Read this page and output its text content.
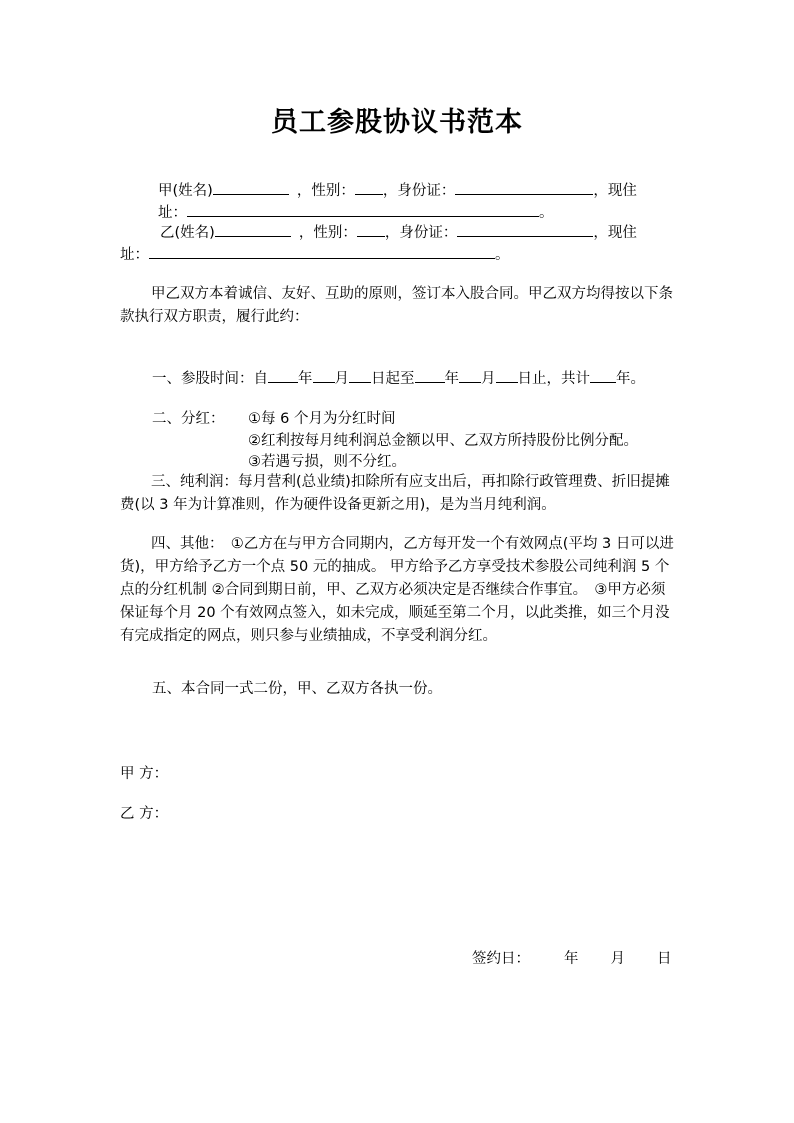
员工参股协议书范本
甲(姓名)	，性别： ，身份证：	，现住
址：	。
乙(姓名)	，性别： ，身份证：	，现住
址：	。
甲乙双方本着诚信、友好、互助的原则，签订本入股合同。甲乙双方均得按以下条款执行双方职责，履行此约：
一、参股时间：自 年 月 日起至 年 月 日止，共计 年。
二、分红： ①每 6 个月为分红时间
②红利按每月纯利润总金额以甲、乙双方所持股份比例分配。
③若遇亏损，则不分红。
三、纯利润：每月营利(总业绩)扣除所有应支出后，再扣除行政管理费、折旧提摊费(以 3 年为计算准则，作为硬件设备更新之用)，是为当月纯利润。
四、其他：　①乙方在与甲方合同期内，乙方每开发一个有效网点(平均 3 日可以进货)，甲方给予乙方一个点 50 元的抽成。 甲方给予乙方享受技术参股公司纯利润 5 个点的分红机制 ②合同到期日前，甲、乙双方必须决定是否继续合作事宜。　③甲方必须保证每个月 20 个有效网点签入，如未完成，顺延至第二个月，以此类推，如三个月没有完成指定的网点，则只参与业绩抽成，不享受利润分红。
五、本合同一式二份，甲、乙双方各执一份。
甲 方：
乙 方：
签约日： 年 月 日
